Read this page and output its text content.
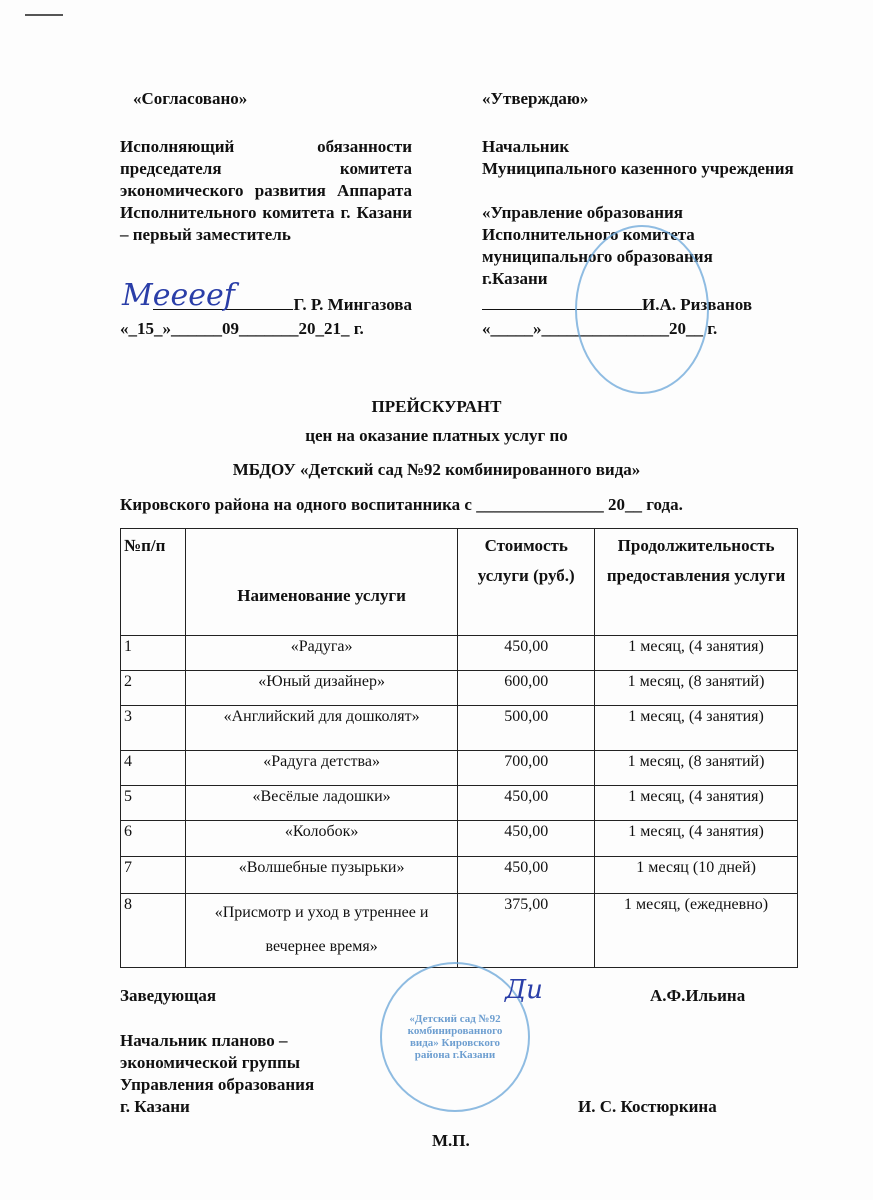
«Согласовано»
Исполняющий обязанности председателя комитета экономического развития Аппарата Исполнительного комитета г. Казани – первый заместитель
Г. Р. Мингазова
«_15_»______09_______20_21_ г.
Meeeef
«Утверждаю»
Начальник
Муниципального казенного учреждения
«Управление образования Исполнительного комитета муниципального образования г.Казани
И.А. Ризванов
«_____»_______________20__ г.
ПРЕЙСКУРАНТ
цен на оказание платных услуг по
МБДОУ «Детский сад №92 комбинированного вида»
Кировского района на одного воспитанника с _______________ 20__ года.
№п/п	Наименование услуги	Стоимость услуги (руб.)	Продолжительность предоставления услуги
1	«Радуга»	450,00	1 месяц, (4 занятия)
2	«Юный дизайнер»	600,00	1 месяц, (8 занятий)
3	«Английский для дошколят»	500,00	1 месяц, (4 занятия)
4	«Радуга детства»	700,00	1 месяц, (8 занятий)
5	«Весёлые ладошки»	450,00	1 месяц, (4 занятия)
6	«Колобок»	450,00	1 месяц, (4 занятия)
7	«Волшебные пузырьки»	450,00	1 месяц (10 дней)
8	«Присмотр и уход в утреннее и вечернее время»	375,00	1 месяц, (ежедневно)
«Детский сад №92 комбинированного вида» Кировского района г.Казани
Ди
Заведующая	А.Ф.Ильина
Начальник планово –
экономической группы
Управления образования
г. Казани	И. С. Костюркина
М.П.
